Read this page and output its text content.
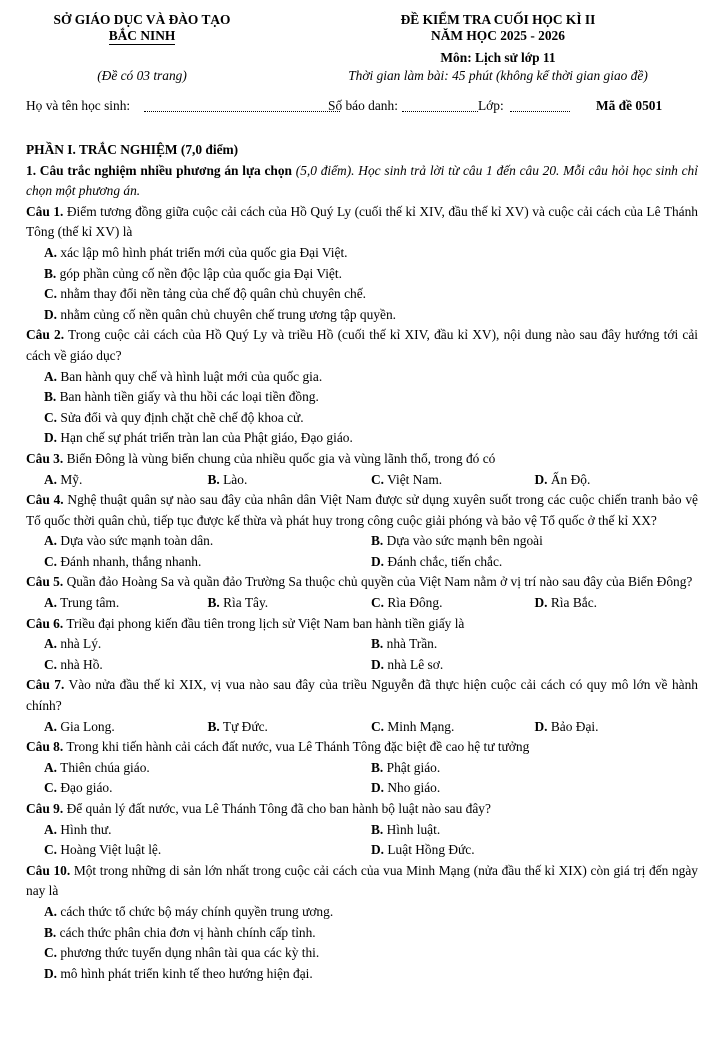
SỞ GIÁO DỤC VÀ ĐÀO TẠO
BẮC NINH
(Đề có 03 trang)
ĐỀ KIỂM TRA CUỐI HỌC KÌ II
NĂM HỌC 2025 - 2026
Môn: Lịch sử lớp 11
Thời gian làm bài: 45 phút (không kể thời gian giao đề)
Họ và tên học sinh:	Số báo danh:	Lớp:	Mã đề 0501

PHẦN I. TRẮC NGHIỆM (7,0 điểm)

1. Câu trắc nghiệm nhiều phương án lựa chọn (5,0 điểm). Học sinh trả lời từ câu 1 đến câu 20. Mỗi câu hỏi học sinh chỉ chọn một phương án.

Câu 1. Điểm tương đồng giữa cuộc cải cách của Hồ Quý Ly (cuối thế kỉ XIV, đầu thế kỉ XV) và cuộc cải cách của Lê Thánh Tông (thế kỉ XV) là

A. xác lập mô hình phát triển mới của quốc gia Đại Việt.

B. góp phần củng cố nền độc lập của quốc gia Đại Việt.

C. nhằm thay đổi nền tảng của chế độ quân chủ chuyên chế.

D. nhằm củng cố nền quân chủ chuyên chế trung ương tập quyền.

Câu 2. Trong cuộc cải cách của Hồ Quý Ly và triều Hồ (cuối thế kỉ XIV, đầu kỉ XV), nội dung nào sau đây hướng tới cải cách về giáo dục?

A. Ban hành quy chế và hình luật mới của quốc gia.

B. Ban hành tiền giấy và thu hồi các loại tiền đồng.

C. Sửa đổi và quy định chặt chẽ chế độ khoa cử.

D. Hạn chế sự phát triển tràn lan của Phật giáo, Đạo giáo.

Câu 3. Biển Đông là vùng biển chung của nhiều quốc gia và vùng lãnh thổ, trong đó có

A. Mỹ.	B. Lào.	C. Việt Nam.	D. Ấn Độ.

Câu 4. Nghệ thuật quân sự nào sau đây của nhân dân Việt Nam được sử dụng xuyên suốt trong các cuộc chiến tranh bảo vệ Tổ quốc thời quân chủ, tiếp tục được kế thừa và phát huy trong công cuộc giải phóng và bảo vệ Tổ quốc ở thế kỉ XX?

A. Dựa vào sức mạnh toàn dân.	B. Dựa vào sức mạnh bên ngoài
C. Đánh nhanh, thắng nhanh.	D. Đánh chắc, tiến chắc.

Câu 5. Quần đảo Hoàng Sa và quần đảo Trường Sa thuộc chủ quyền của Việt Nam nằm ở vị trí nào sau đây của Biển Đông?

A. Trung tâm.	B. Rìa Tây.	C. Rìa Đông.	D. Rìa Bắc.

Câu 6. Triều đại phong kiến đầu tiên trong lịch sử Việt Nam ban hành tiền giấy là

A. nhà Lý.	B. nhà Trần.
C. nhà Hồ.	D. nhà Lê sơ.

Câu 7. Vào nửa đầu thế kỉ XIX, vị vua nào sau đây của triều Nguyễn đã thực hiện cuộc cải cách có quy mô lớn về hành chính?

A. Gia Long.	B. Tự Đức.	C. Minh Mạng.	D. Bảo Đại.

Câu 8. Trong khi tiến hành cải cách đất nước, vua Lê Thánh Tông đặc biệt đề cao hệ tư tưởng

A. Thiên chúa giáo.	B. Phật giáo.
C. Đạo giáo.	D. Nho giáo.

Câu 9. Để quản lý đất nước, vua Lê Thánh Tông đã cho ban hành bộ luật nào sau đây?

A. Hình thư.	B. Hình luật.
C. Hoàng Việt luật lệ.	D. Luật Hồng Đức.

Câu 10. Một trong những di sản lớn nhất trong cuộc cải cách của vua Minh Mạng (nửa đầu thế kỉ XIX) còn giá trị đến ngày nay là

A. cách thức tổ chức bộ máy chính quyền trung ương.

B. cách thức phân chia đơn vị hành chính cấp tỉnh.

C. phương thức tuyển dụng nhân tài qua các kỳ thi.

D. mô hình phát triển kinh tế theo hướng hiện đại.
